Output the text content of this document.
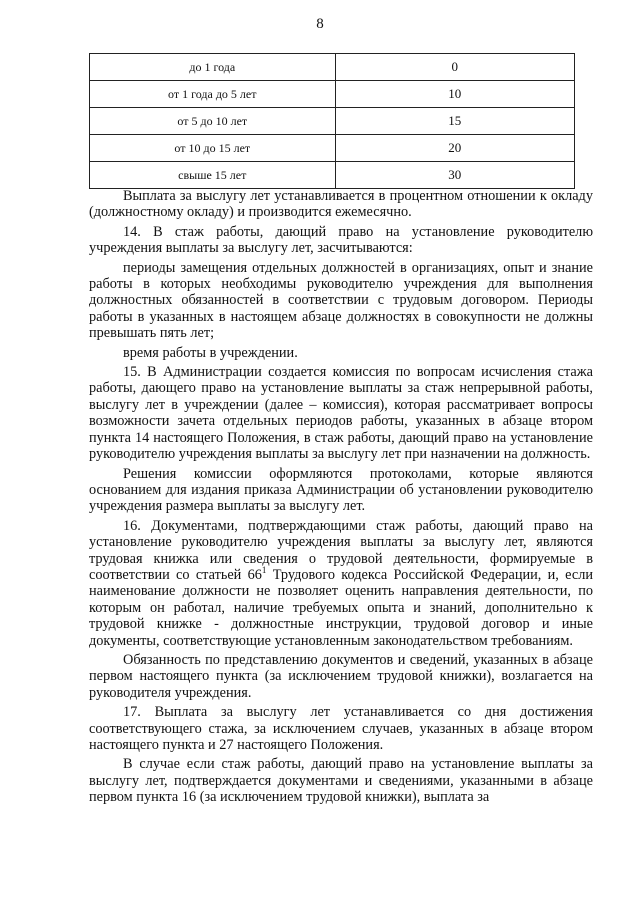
8
до 1 года	0
от 1 года до 5 лет	10
от 5 до 10 лет	15
от 10 до 15 лет	20
свыше 15 лет	30

Выплата за выслугу лет устанавливается в процентном отношении к окладу (должностному окладу) и производится ежемесячно.

14. В стаж работы, дающий право на установление руководителю учреждения выплаты за выслугу лет, засчитываются:

периоды замещения отдельных должностей в организациях, опыт и знание работы в которых необходимы руководителю учреждения для выполнения должностных обязанностей в соответствии с трудовым договором. Периоды работы в указанных в настоящем абзаце должностях в совокупности не должны превышать пять лет;

время работы в учреждении.

15. В Администрации создается комиссия по вопросам исчисления стажа работы, дающего право на установление выплаты за стаж непрерывной работы, выслугу лет в учреждении (далее – комиссия), которая рассматривает вопросы возможности зачета отдельных периодов работы, указанных в абзаце втором пункта 14 настоящего Положения, в стаж работы, дающий право на установление руководителю учреждения выплаты за выслугу лет при назначении на должность.

Решения комиссии оформляются протоколами, которые являются основанием для издания приказа Администрации об установлении руководителю учреждения размера выплаты за выслугу лет.

16. Документами, подтверждающими стаж работы, дающий право на установление руководителю учреждения выплаты за выслугу лет, являются трудовая книжка или сведения о трудовой деятельности, формируемые в соответствии со статьей $66^1$ Трудового кодекса Российской Федерации, и, если наименование должности не позволяет оценить направления деятельности, по которым он работал, наличие требуемых опыта и знаний, дополнительно к трудовой книжке - должностные инструкции, трудовой договор и иные документы, соответствующие установленным законодательством требованиям.

Обязанность по представлению документов и сведений, указанных в абзаце первом настоящего пункта (за исключением трудовой книжки), возлагается на руководителя учреждения.

17. Выплата за выслугу лет устанавливается со дня достижения соответствующего стажа, за исключением случаев, указанных в абзаце втором настоящего пункта и 27 настоящего Положения.

В случае если стаж работы, дающий право на установление выплаты за выслугу лет, подтверждается документами и сведениями, указанными в абзаце первом пункта 16 (за исключением трудовой книжки), выплата за
